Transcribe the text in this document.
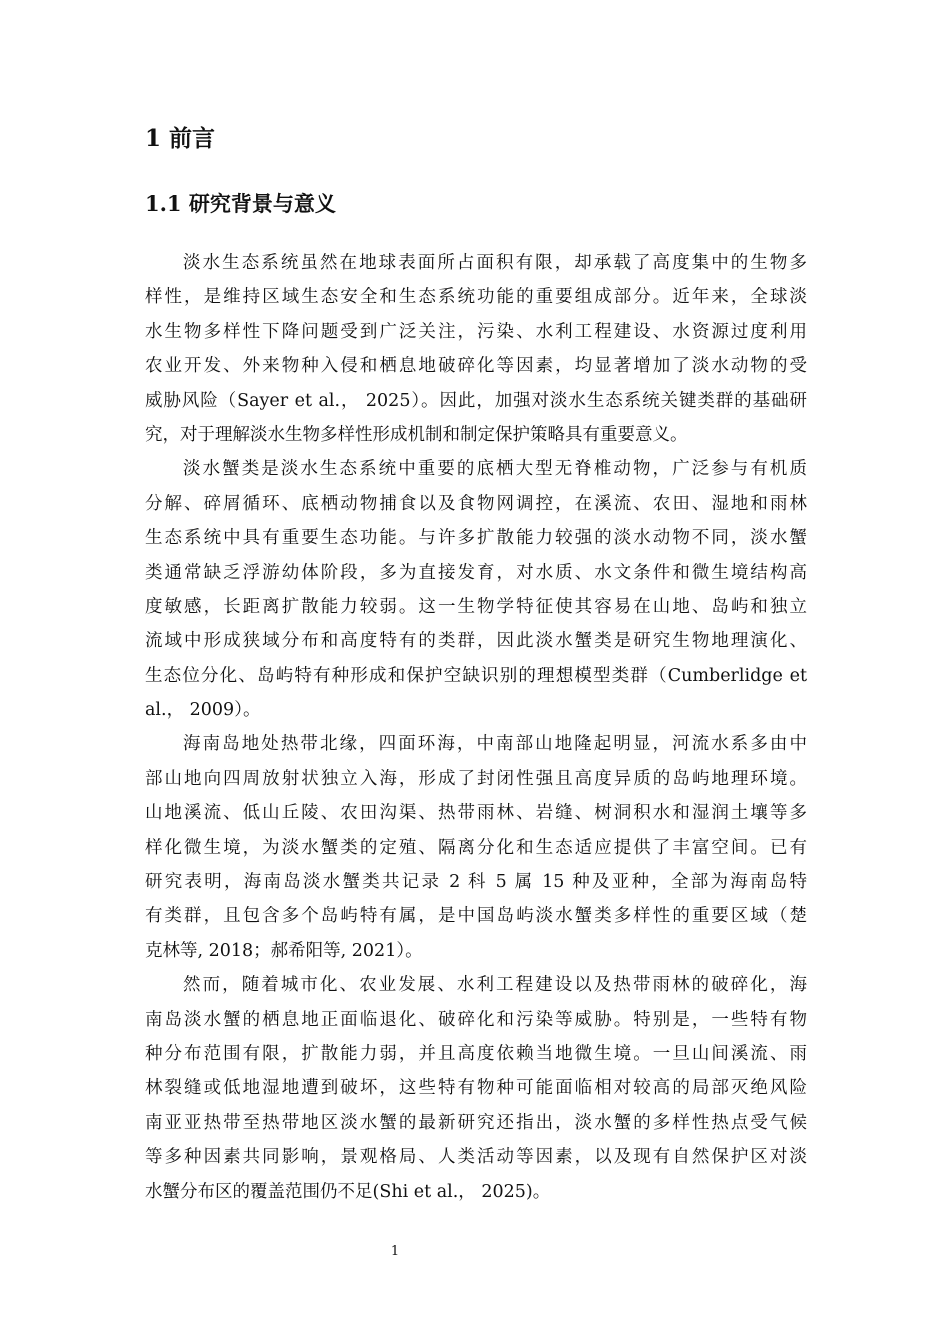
1 前言
1.1 研究背景与意义
淡水生态系统虽然在地球表面所占面积有限，却承载了高度集中的生物多
样性，是维持区域生态安全和生态系统功能的重要组成部分。近年来，全球淡
水生物多样性下降问题受到广泛关注，污染、水利工程建设、水资源过度利用
农业开发、外来物种入侵和栖息地破碎化等因素，均显著增加了淡水动物的受
威胁风险（Sayer et al.， 2025）。因此，加强对淡水生态系统关键类群的基础研
究，对于理解淡水生物多样性形成机制和制定保护策略具有重要意义。
淡水蟹类是淡水生态系统中重要的底栖大型无脊椎动物，广泛参与有机质
分解、碎屑循环、底栖动物捕食以及食物网调控，在溪流、农田、湿地和雨林
生态系统中具有重要生态功能。与许多扩散能力较强的淡水动物不同，淡水蟹
类通常缺乏浮游幼体阶段，多为直接发育，对水质、水文条件和微生境结构高
度敏感，长距离扩散能力较弱。这一生物学特征使其容易在山地、岛屿和独立
流域中形成狭域分布和高度特有的类群，因此淡水蟹类是研究生物地理演化、
生态位分化、岛屿特有种形成和保护空缺识别的理想模型类群（Cumberlidge et
al.， 2009）。
海南岛地处热带北缘，四面环海，中南部山地隆起明显，河流水系多由中
部山地向四周放射状独立入海，形成了封闭性强且高度异质的岛屿地理环境。
山地溪流、低山丘陵、农田沟渠、热带雨林、岩缝、树洞积水和湿润土壤等多
样化微生境，为淡水蟹类的定殖、隔离分化和生态适应提供了丰富空间。已有
研究表明，海南岛淡水蟹类共记录 2 科 5 属 15 种及亚种，全部为海南岛特
有类群，且包含多个岛屿特有属，是中国岛屿淡水蟹类多样性的重要区域（楚
克林等, 2018；郝希阳等, 2021）。
然而，随着城市化、农业发展、水利工程建设以及热带雨林的破碎化，海
南岛淡水蟹的栖息地正面临退化、破碎化和污染等威胁。特别是，一些特有物
种分布范围有限，扩散能力弱，并且高度依赖当地微生境。一旦山间溪流、雨
林裂缝或低地湿地遭到破坏，这些特有物种可能面临相对较高的局部灭绝风险
南亚亚热带至热带地区淡水蟹的最新研究还指出，淡水蟹的多样性热点受气候
等多种因素共同影响，景观格局、人类活动等因素，以及现有自然保护区对淡
水蟹分布区的覆盖范围仍不足(Shi et al.， 2025)。
1
